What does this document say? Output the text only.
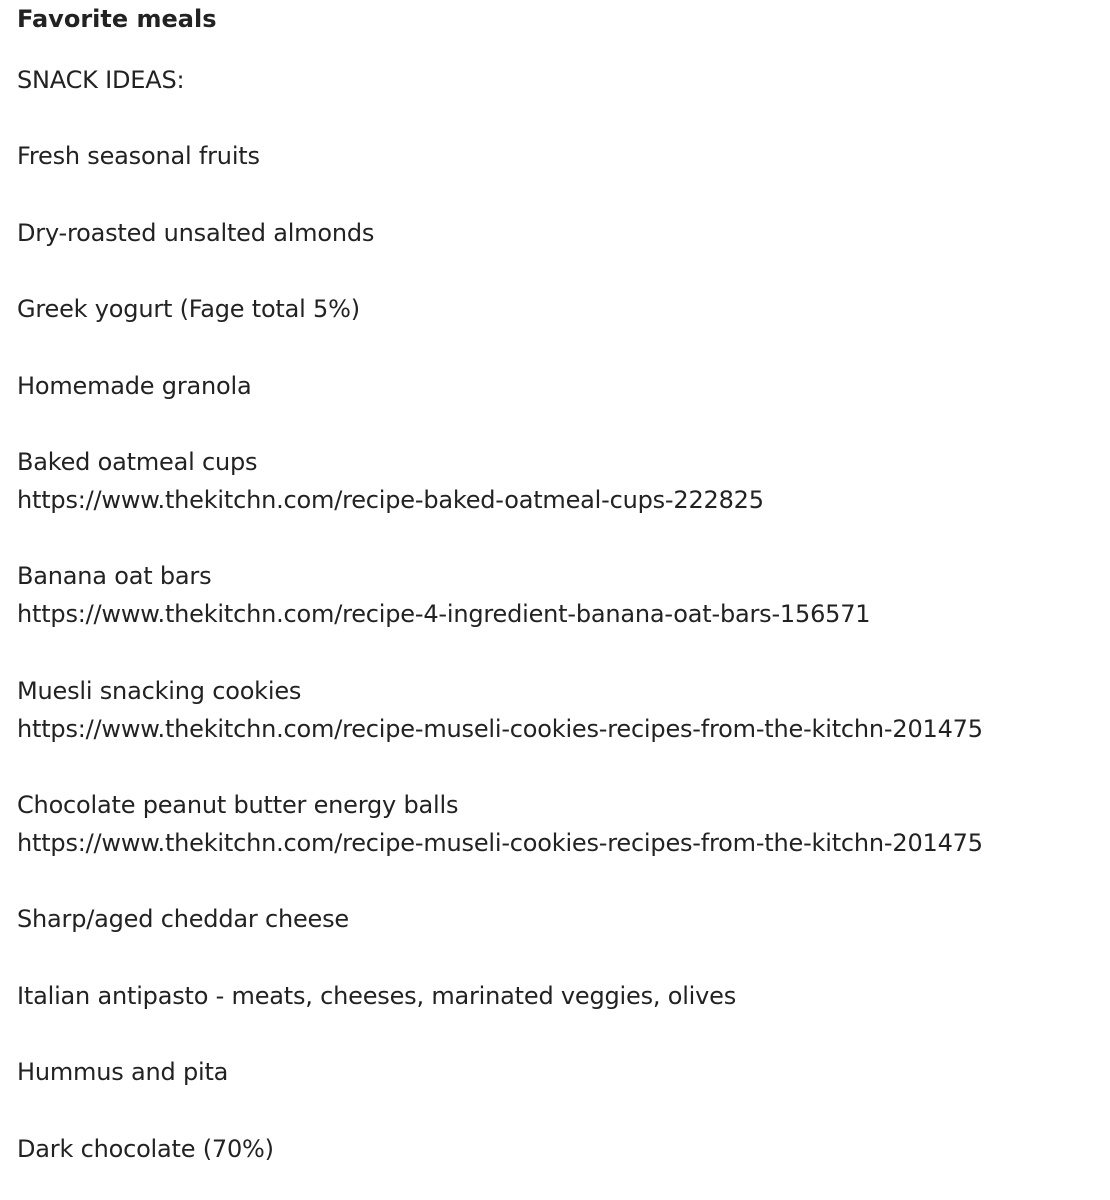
Favorite meals
SNACK IDEAS:
Fresh seasonal fruits
Dry-roasted unsalted almonds
Greek yogurt (Fage total 5%)
Homemade granola
Baked oatmeal cups
https://www.thekitchn.com/recipe-baked-oatmeal-cups-222825
Banana oat bars
https://www.thekitchn.com/recipe-4-ingredient-banana-oat-bars-156571
Muesli snacking cookies
https://www.thekitchn.com/recipe-museli-cookies-recipes-from-the-kitchn-201475
Chocolate peanut butter energy balls
https://www.thekitchn.com/recipe-museli-cookies-recipes-from-the-kitchn-201475
Sharp/aged cheddar cheese
Italian antipasto - meats, cheeses, marinated veggies, olives
Hummus and pita
Dark chocolate (70%)
